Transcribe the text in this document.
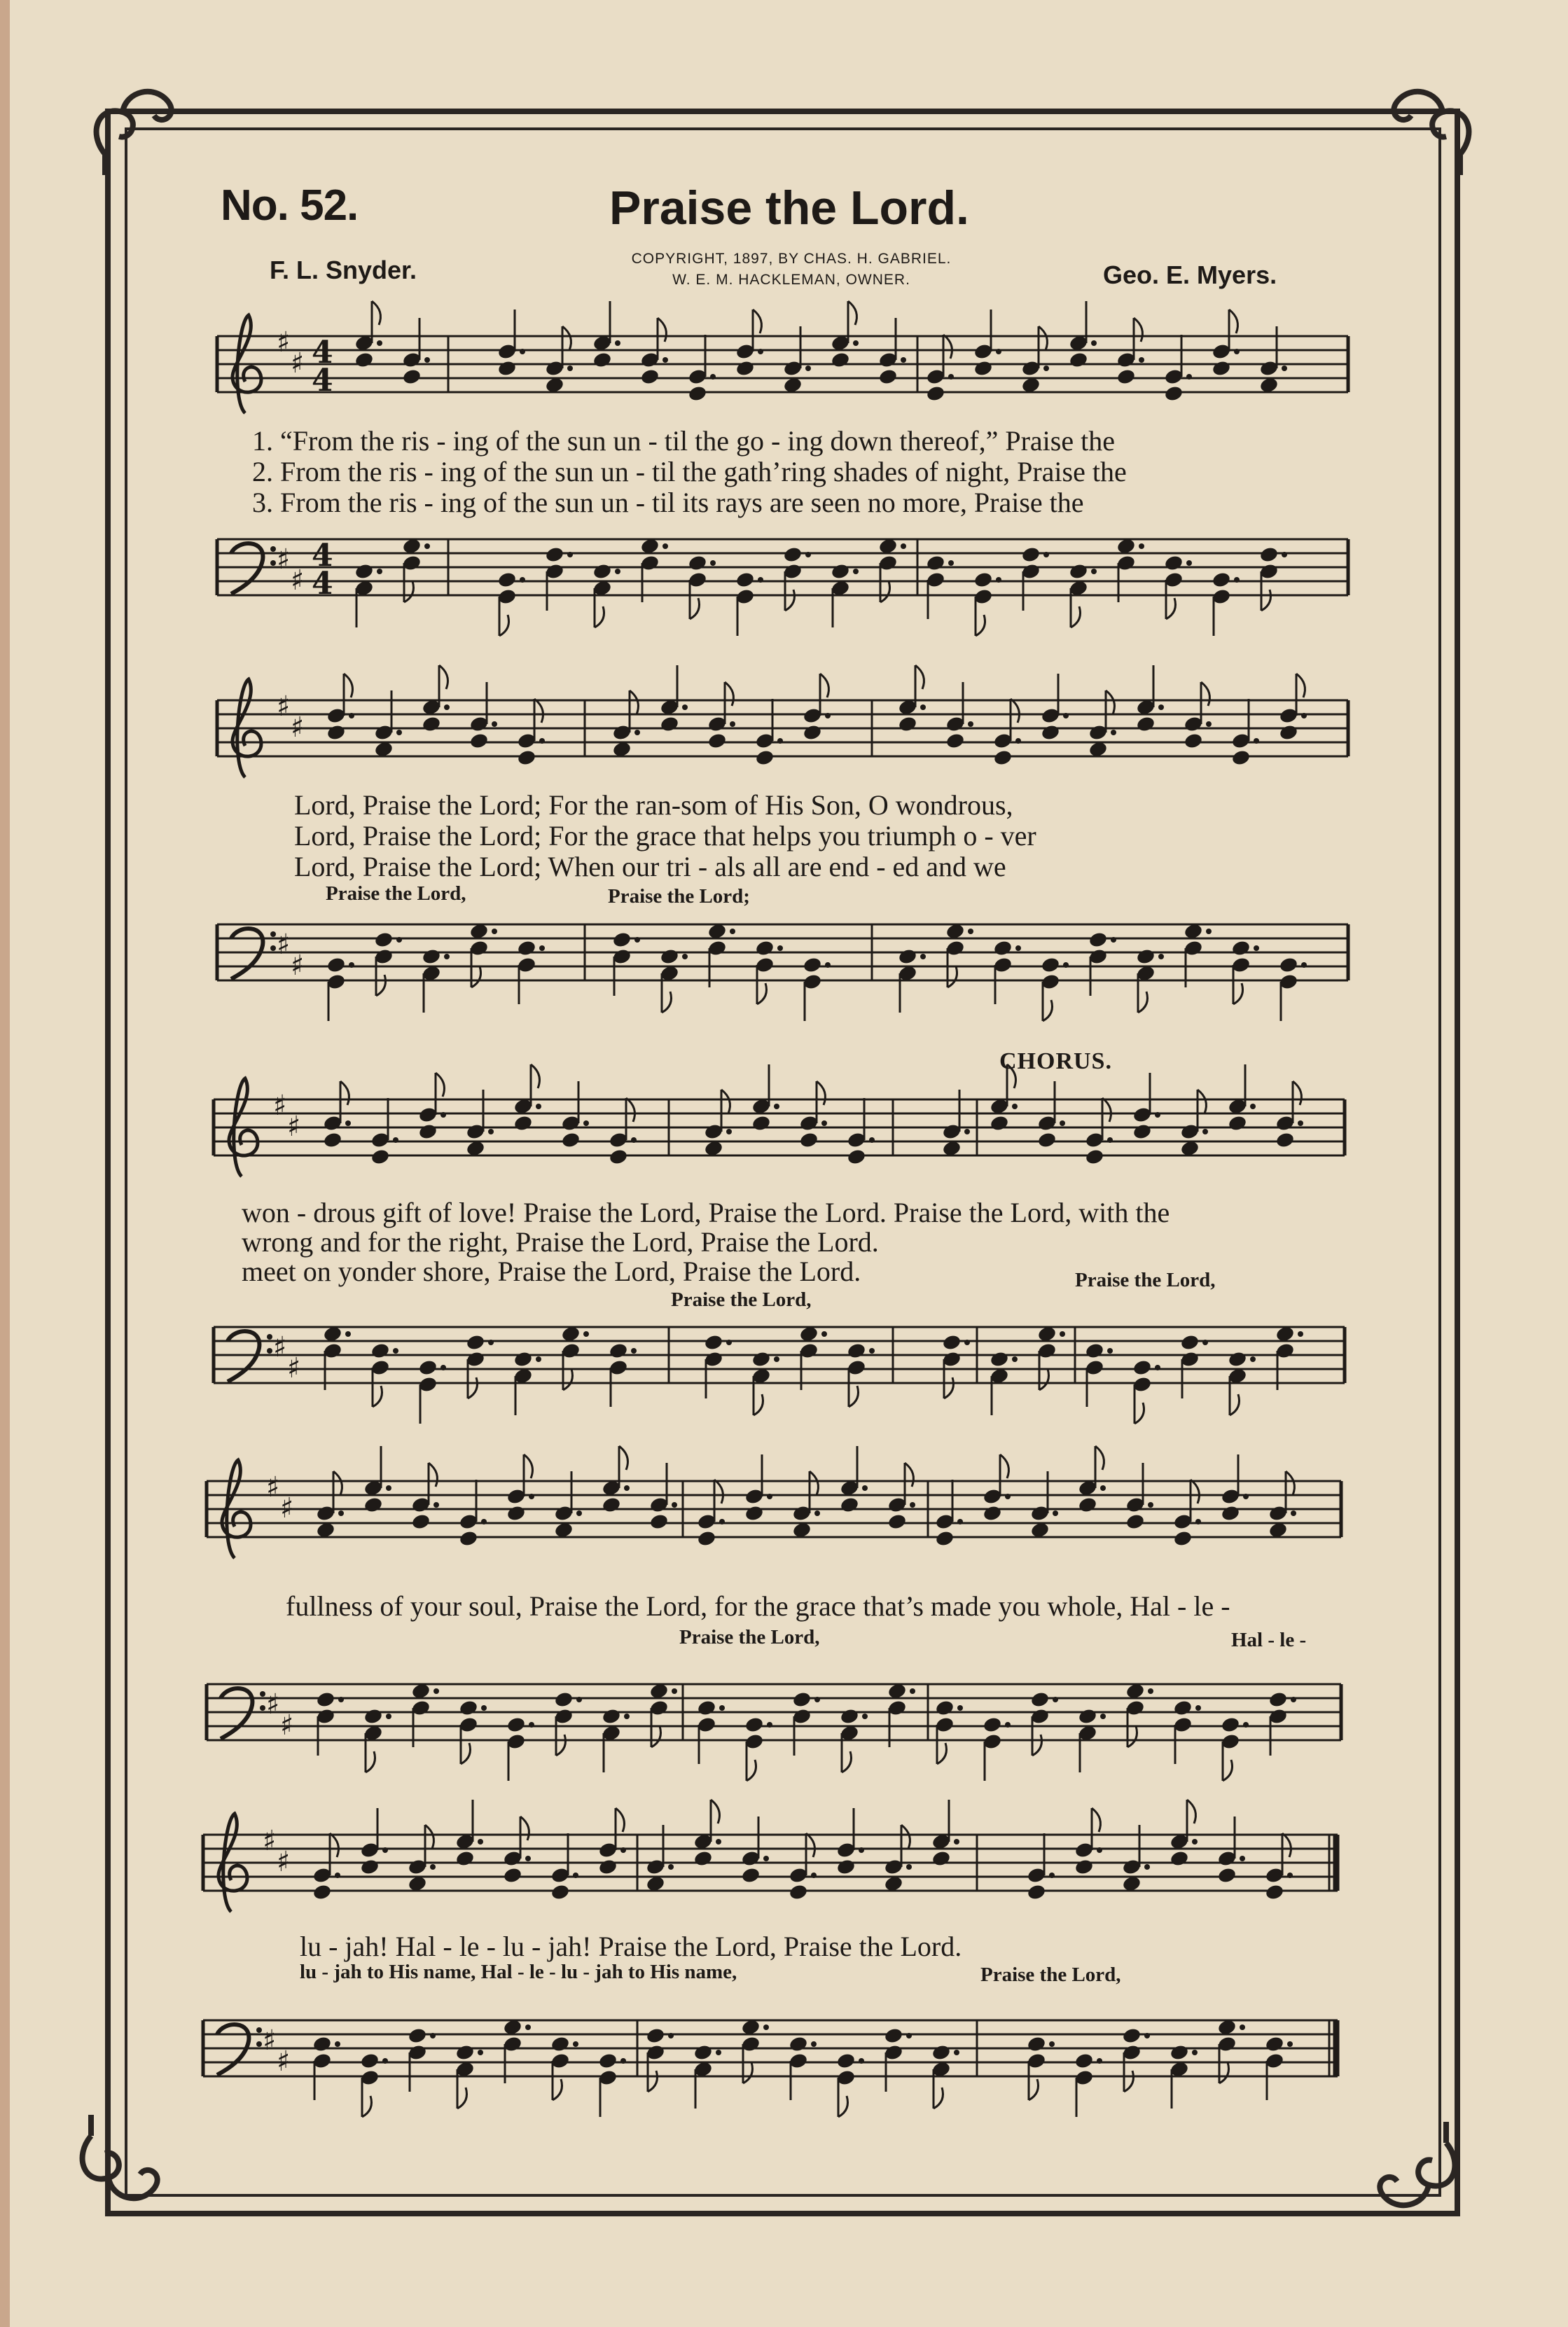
No. 52.	Praise the Lord.
F. L. Snyder.	COPYRIGHT, 1897, BY CHAS. H. GABRIEL.
W. E. M. HACKLEMAN, OWNER.	Geo. E. Myers.
♯
♯ 4
4
♯
♯
4
4
♯
♯
♯
♯
♯
♯
♯
♯
♯
♯
♯
♯
♯
♯
♯
♯
1. “From the ris - ing of the sun un - til the go - ing down thereof,” Praise the
2. From the ris - ing of the sun un - til the gath’ring shades of night, Praise the
3. From the ris - ing of the sun un - til its rays are seen no more, Praise the
Lord, Praise the Lord; For the ran-som of His Son, O wondrous,
Lord, Praise the Lord; For the grace that helps you triumph o - ver
Lord, Praise the Lord; When our tri - als all are end - ed and we
Praise the Lord,	Praise the Lord;
CHORUS.
won - drous gift of love! Praise the Lord, Praise the Lord. Praise the Lord, with the
wrong and for the right, Praise the Lord, Praise the Lord.
meet on yonder shore, Praise the Lord, Praise the Lord.
Praise the Lord,
Praise the Lord,
fullness of your soul, Praise the Lord, for the grace that’s made you whole, Hal - le -
Praise the Lord,	Hal - le -
lu - jah! Hal - le - lu - jah! Praise the Lord, Praise the Lord.
lu - jah to His name, Hal - le - lu - jah to His name,	Praise the Lord,
